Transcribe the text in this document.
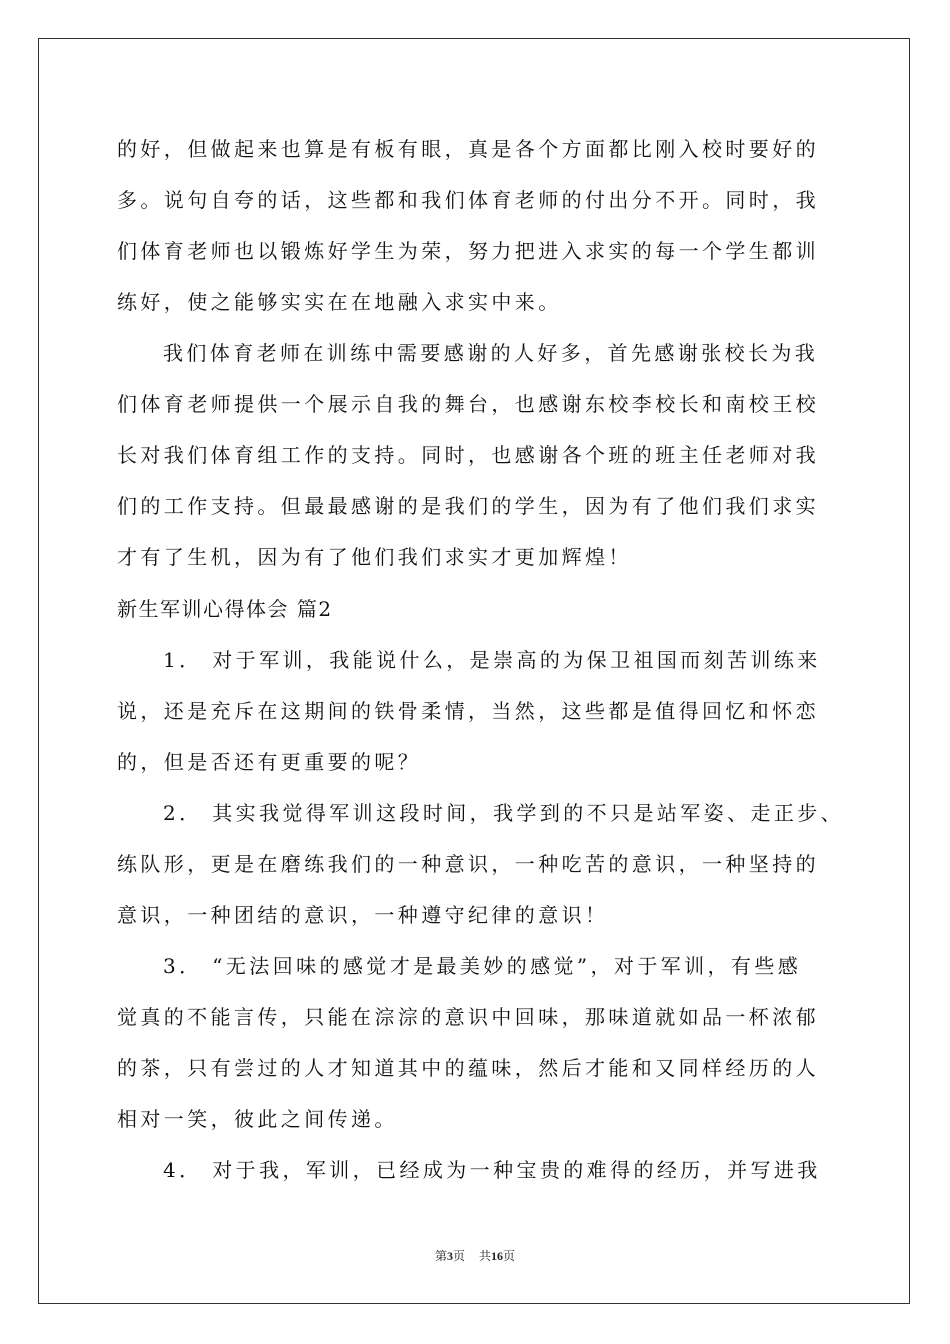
的好，但做起来也算是有板有眼，真是各个方面都比刚入校时要好的
多。说句自夸的话，这些都和我们体育老师的付出分不开。同时，我
们体育老师也以锻炼好学生为荣，努力把进入求实的每一个学生都训
练好，使之能够实实在在地融入求实中来。
我们体育老师在训练中需要感谢的人好多，首先感谢张校长为我
们体育老师提供一个展示自我的舞台，也感谢东校李校长和南校王校
长对我们体育组工作的支持。同时，也感谢各个班的班主任老师对我
们的工作支持。但最最感谢的是我们的学生，因为有了他们我们求实
才有了生机，因为有了他们我们求实才更加辉煌！
新生军训心得体会 篇2
1． 对于军训，我能说什么，是崇高的为保卫祖国而刻苦训练来
说，还是充斥在这期间的铁骨柔情，当然，这些都是值得回忆和怀恋
的，但是否还有更重要的呢？
2． 其实我觉得军训这段时间，我学到的不只是站军姿、走正步、
练队形，更是在磨练我们的一种意识，一种吃苦的意识，一种坚持的
意识，一种团结的意识，一种遵守纪律的意识！
3． “无法回味的感觉才是最美妙的感觉”，对于军训，有些感
觉真的不能言传，只能在淙淙的意识中回味，那味道就如品一杯浓郁
的茶，只有尝过的人才知道其中的蕴味，然后才能和又同样经历的人
相对一笑，彼此之间传递。
4． 对于我，军训，已经成为一种宝贵的难得的经历，并写进我
第3页 共16页
